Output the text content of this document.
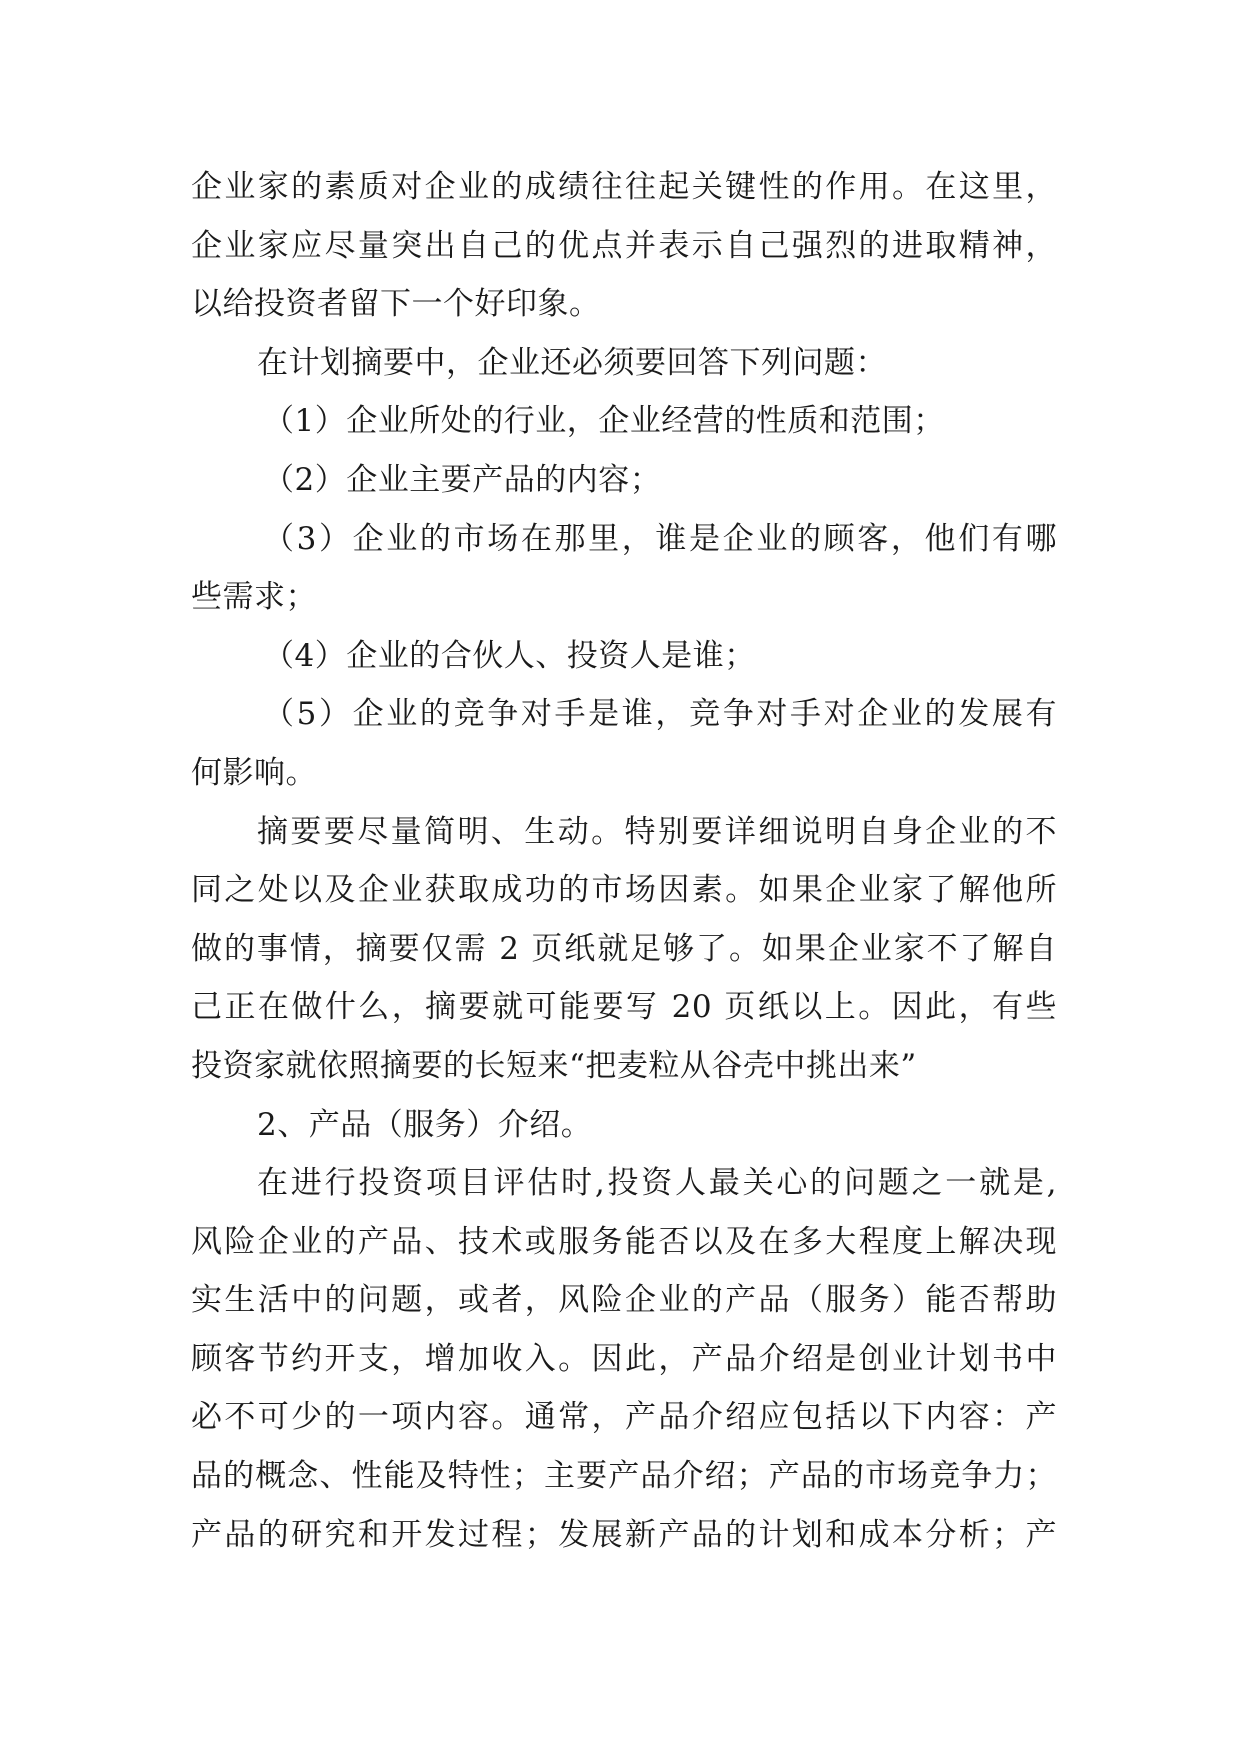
企业家的素质对企业的成绩往往起关键性的作用。在这里，
企业家应尽量突出自己的优点并表示自己强烈的进取精神，
以给投资者留下一个好印象。
在计划摘要中，企业还必须要回答下列问题：
（1）企业所处的行业，企业经营的性质和范围；
（2）企业主要产品的内容；
（3）企业的市场在那里，谁是企业的顾客，他们有哪
些需求；
（4）企业的合伙人、投资人是谁；
（5）企业的竞争对手是谁，竞争对手对企业的发展有
何影响。
摘要要尽量简明、生动。特别要详细说明自身企业的不
同之处以及企业获取成功的市场因素。如果企业家了解他所
做的事情，摘要仅需 2 页纸就足够了。如果企业家不了解自
己正在做什么，摘要就可能要写 20 页纸以上。因此，有些
投资家就依照摘要的长短来“把麦粒从谷壳中挑出来”
2、产品（服务）介绍。
在进行投资项目评估时,投资人最关心的问题之一就是,
风险企业的产品、技术或服务能否以及在多大程度上解决现
实生活中的问题，或者，风险企业的产品（服务）能否帮助
顾客节约开支，增加收入。因此，产品介绍是创业计划书中
必不可少的一项内容。通常，产品介绍应包括以下内容：产
品的概念、性能及特性；主要产品介绍；产品的市场竞争力；
产品的研究和开发过程；发展新产品的计划和成本分析；产
